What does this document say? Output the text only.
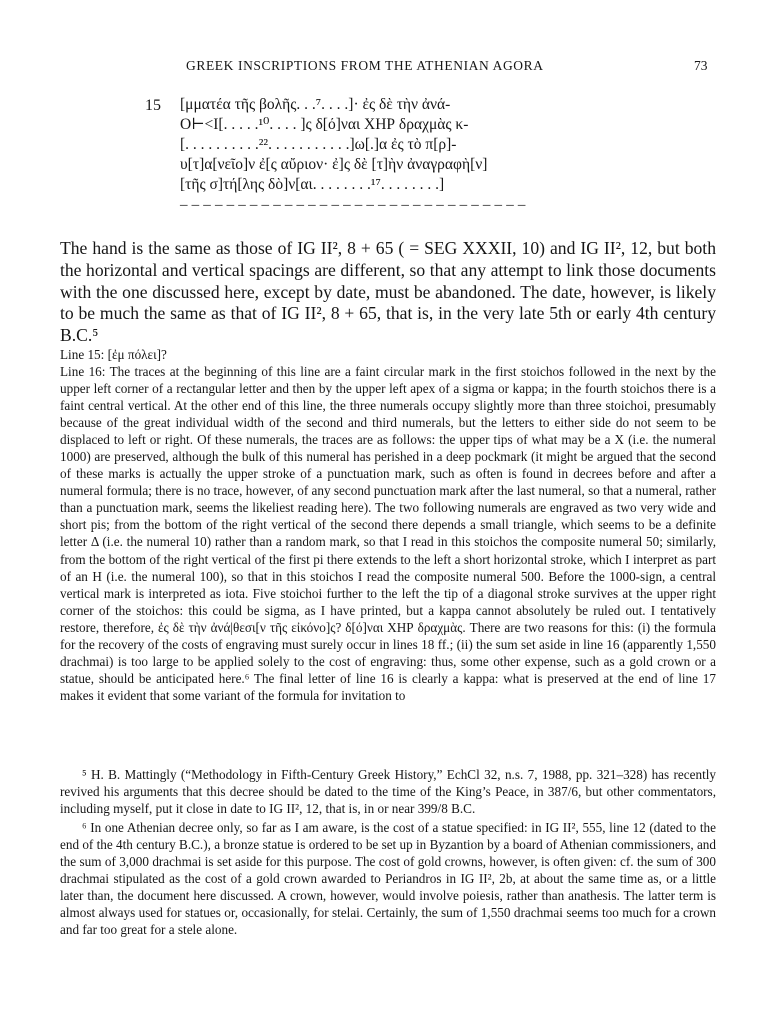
GREEK INSCRIPTIONS FROM THE ATHENIAN AGORA	73
15 [μματέα τῆς βολῆς. . .⁷. . . .]· ἐς δὲ τὴν ἀνά-
Ο⊢<Ι[. . . . .¹⁰. . . . ]ς δ[ό]ναι ΧΗΡ δραχμὰς κ-
[. . . . . . . . . .²². . . . . . . . . . .]ω[.]α ἐς τὸ π[ρ]-
υ[τ]α[νεῖο]ν ἐ[ς αὔριον· ἐ]ς δὲ [τ]ὴν ἀναγραφὴ[ν]
[τῆς σ]τή[λης δὸ]ν[αι. . . . . . . .¹⁷. . . . . . . .]
– – – – – – – – – – – – – – – – – – – – – – – – – – – – – –

The hand is the same as those of IG II², 8 + 65 ( = SEG XXXII, 10) and IG II², 12, but both the horizontal and vertical spacings are different, so that any attempt to link those documents with the one discussed here, except by date, must be abandoned. The date, however, is likely to be much the same as that of IG II², 8 + 65, that is, in the very late 5th or early 4th century B.C.⁵

Line 15: [ἐμ πόλει]?

Line 16: The traces at the beginning of this line are a faint circular mark in the first stoichos followed in the next by the upper left corner of a rectangular letter and then by the upper left apex of a sigma or kappa; in the fourth stoichos there is a faint central vertical. At the other end of this line, the three numerals occupy slightly more than three stoichoi, presumably because of the great individual width of the second and third numerals, but the letters to either side do not seem to be displaced to left or right. Of these numerals, the traces are as follows: the upper tips of what may be a X (i.e. the numeral 1000) are preserved, although the bulk of this numeral has perished in a deep pockmark (it might be argued that the second of these marks is actually the upper stroke of a punctuation mark, such as often is found in decrees before and after a numeral formula; there is no trace, however, of any second punctuation mark after the last numeral, so that a numeral, rather than a punctuation mark, seems the likeliest reading here). The two following numerals are engraved as two very wide and short pis; from the bottom of the right vertical of the second there depends a small triangle, which seems to be a definite letter Δ (i.e. the numeral 10) rather than a random mark, so that I read in this stoichos the composite numeral 50; similarly, from the bottom of the right vertical of the first pi there extends to the left a short horizontal stroke, which I interpret as part of an H (i.e. the numeral 100), so that in this stoichos I read the composite numeral 500. Before the 1000-sign, a central vertical mark is interpreted as iota. Five stoichoi further to the left the tip of a diagonal stroke survives at the upper right corner of the stoichos: this could be sigma, as I have printed, but a kappa cannot absolutely be ruled out. I tentatively restore, therefore, ἐς δὲ τὴν ἀνά|θεσι[ν τῆς εἰκόνο]ς? δ[ό]ναι ΧΗΡ δραχμὰς. There are two reasons for this: (i) the formula for the recovery of the costs of engraving must surely occur in lines 18 ff.; (ii) the sum set aside in line 16 (apparently 1,550 drachmai) is too large to be applied solely to the cost of engraving: thus, some other expense, such as a gold crown or a statue, should be anticipated here.⁶ The final letter of line 16 is clearly a kappa: what is preserved at the end of line 17 makes it evident that some variant of the formula for invitation to

⁵ H. B. Mattingly (“Methodology in Fifth-Century Greek History,” EchCl 32, n.s. 7, 1988, pp. 321–328) has recently revived his arguments that this decree should be dated to the time of the King’s Peace, in 387/6, but other commentators, including myself, put it close in date to IG II², 12, that is, in or near 399/8 B.C.

⁶ In one Athenian decree only, so far as I am aware, is the cost of a statue specified: in IG II², 555, line 12 (dated to the end of the 4th century B.C.), a bronze statue is ordered to be set up in Byzantion by a board of Athenian commissioners, and the sum of 3,000 drachmai is set aside for this purpose. The cost of gold crowns, however, is often given: cf. the sum of 300 drachmai stipulated as the cost of a gold crown awarded to Periandros in IG II², 2b, at about the same time as, or a little later than, the document here discussed. A crown, however, would involve poiesis, rather than anathesis. The latter term is almost always used for statues or, occasionally, for stelai. Certainly, the sum of 1,550 drachmai seems too much for a crown and far too great for a stele alone.
